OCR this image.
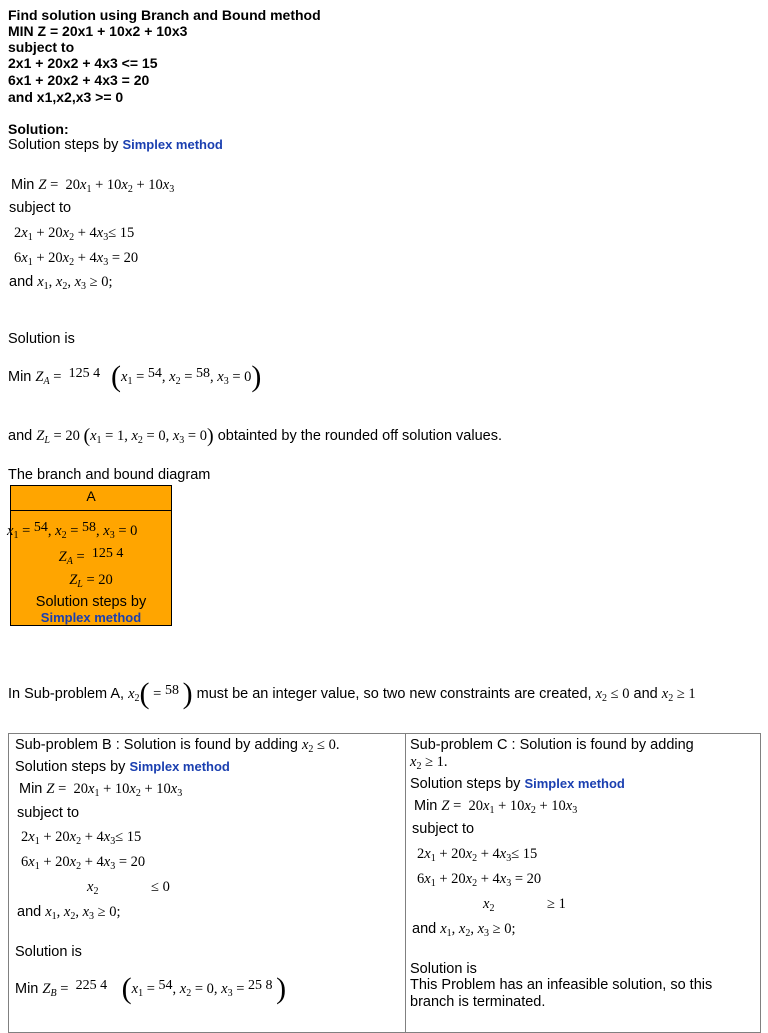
Find solution using Branch and Bound method
MIN Z = 20x1 + 10x2 + 10x3
subject to
2x1 + 20x2 + 4x3 <= 15
6x1 + 20x2 + 4x3 = 20
and x1,x2,x3 >= 0
Solution:
Solution steps by Simplex method
Min $Z = 20x_1 + 10x_2 + 10x_3$
subject to
$2x_1 + 20x_2 + 4x_3\le 15$
$6x_1 + 20x_2 + 4x_3 = 20$
and $x_1$, $x_2$, $x_3 \ge 0$;
Solution is
Min $Z_A = 125$ 4 ($x_1 = 54$, $x_2 = 58$, $x_3 = 0$)
and $Z_L = 20$ ($x_1 = 1$, $x_2 = 0$, $x_3 = 0$) obtainted by the rounded off solution values.
The branch and bound diagram
A
$x_1 = 54$, $x_2 = 58$, $x_3 = 0$
$Z_A = 125$ 4
$Z_L = 20$
Solution steps by
Simplex method
In Sub-problem A, $x_2( = 58$ ) must be an integer value, so two new constraints are created, $x_2 \le 0$ and $x_2 \ge 1$
Sub-problem B : Solution is found by adding $x_2 \le 0$.
Solution steps by Simplex method
Min $Z = 20x_1 + 10x_2 + 10x_3$
subject to
$2x_1 + 20x_2 + 4x_3\le 15$
$6x_1 + 20x_2 + 4x_3 = 20$
$x_2$	≤ 0
and $x_1$, $x_2$, $x_3 \ge 0$;
Solution is
Min $Z_B = 225$ 4 ($x_1 = 54$, $x_2 = 0$, $x_3 = 25$ 8 )
Sub-problem C : Solution is found by adding
$x_2 \ge 1$.
Solution steps by Simplex method
Min $Z = 20x_1 + 10x_2 + 10x_3$
subject to
$2x_1 + 20x_2 + 4x_3\le 15$
$6x_1 + 20x_2 + 4x_3 = 20$
$x_2$	≥ 1
and $x_1$, $x_2$, $x_3 \ge 0$;
Solution is
This Problem has an infeasible solution, so this
branch is terminated.
